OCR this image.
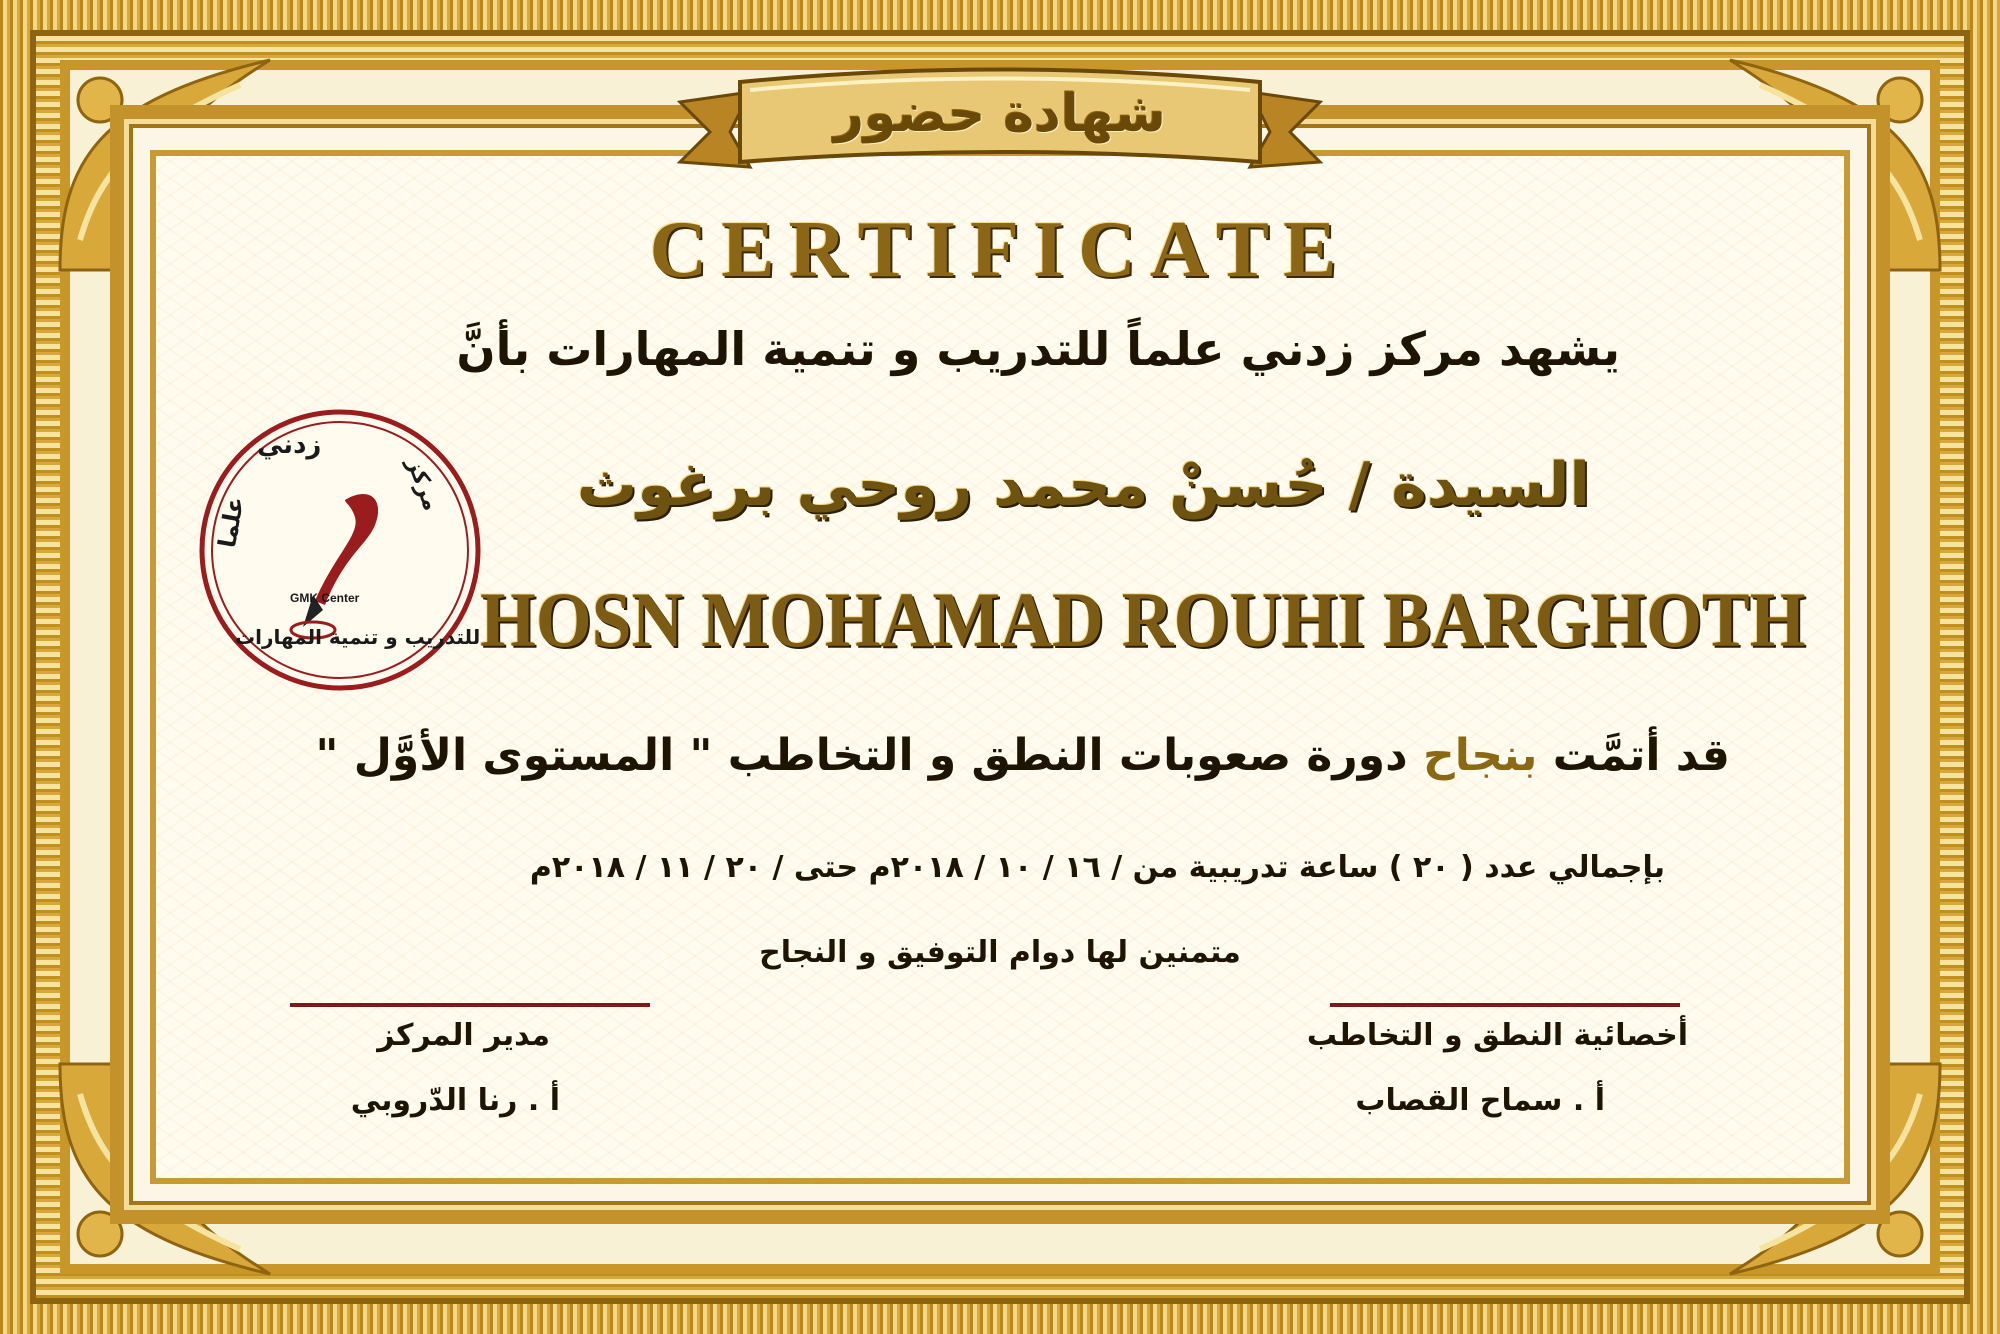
شهادة حضور
CERTIFICATE
يشهد مركز زدني علماً للتدريب و تنمية المهارات بأنَّ
زدني
علما
مركز
للتدريب و تنمية المهارات
GMK Center
السيدة / حُسنْ محمد روحي برغوث
HOSN MOHAMAD ROUHI BARGHOTH
قد أتمَّت بنجاح دورة صعوبات النطق و التخاطب " المستوى الأوَّل "
بإجمالي عدد ( ٢٠ ) ساعة تدريبية من / ١٦ / ١٠ / ٢٠١٨م حتى / ٢٠ / ١١ / ٢٠١٨م
متمنين لها دوام التوفيق و النجاح
مدير المركز
أ . رنا الدّروبي
أخصائية النطق و التخاطب
أ . سماح القصاب
